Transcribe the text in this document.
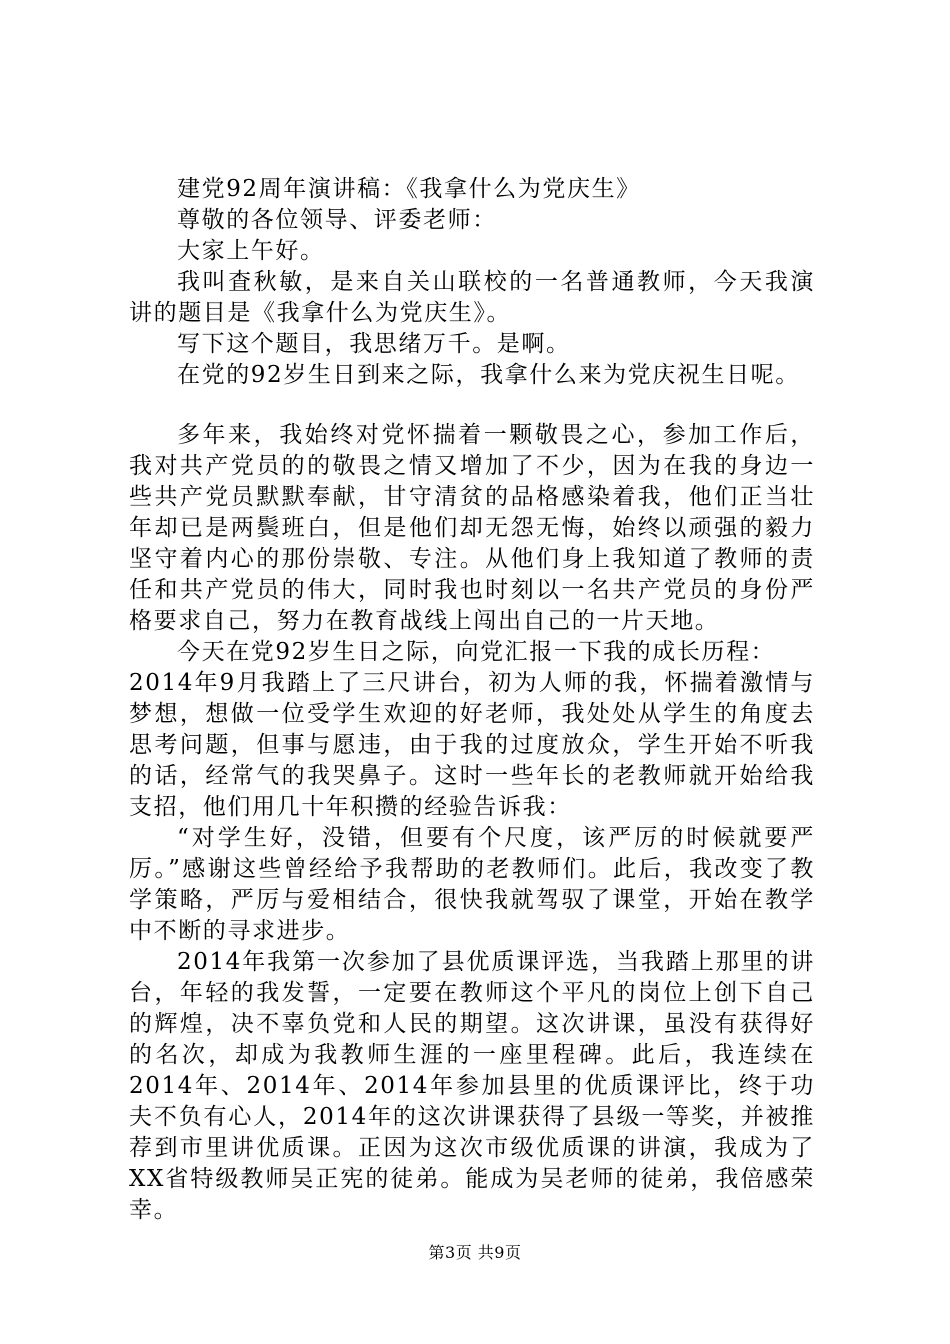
建党92周年演讲稿：《我拿什么为党庆生》

尊敬的各位领导、评委老师：

大家上午好。

我叫査秋敏，是来自关山联校的一名普通教师，今天我演讲的题目是《我拿什么为党庆生》。

写下这个题目，我思绪万千。是啊。

在党的92岁生日到来之际，我拿什么来为党庆祝生日呢。

多年来，我始终对党怀揣着一颗敬畏之心，参加工作后，我对共产党员的的敬畏之情又增加了不少，因为在我的身边一些共产党员默默奉献，甘守清贫的品格感染着我，他们正当壮年却已是两鬓班白，但是他们却无怨无悔，始终以顽强的毅力坚守着内心的那份崇敬、专注。从他们身上我知道了教师的责任和共产党员的伟大，同时我也时刻以一名共产党员的身份严格要求自己，努力在教育战线上闯出自己的一片天地。

今天在党92岁生日之际，向党汇报一下我的成长历程：

2014年9月我踏上了三尺讲台，初为人师的我，怀揣着激情与梦想，想做一位受学生欢迎的好老师，我处处从学生的角度去思考问题，但事与愿违，由于我的过度放众，学生开始不听我的话，经常气的我哭鼻子。这时一些年长的老教师就开始给我支招，他们用几十年积攒的经验告诉我：

“对学生好，没错，但要有个尺度，该严厉的时候就要严厉。”感谢这些曾经给予我帮助的老教师们。此后，我改变了教学策略，严厉与爱相结合，很快我就驾驭了课堂，开始在教学中不断的寻求进步。

2014年我第一次参加了县优质课评选，当我踏上那里的讲台，年轻的我发誓，一定要在教师这个平凡的岗位上创下自己的辉煌，决不辜负党和人民的期望。这次讲课，虽没有获得好的名次，却成为我教师生涯的一座里程碑。此后，我连续在2014年、2014年、2014年参加县里的优质课评比，终于功夫不负有心人，2014年的这次讲课获得了县级一等奖，并被推荐到市里讲优质课。正因为这次市级优质课的讲演，我成为了XX省特级教师吴正宪的徒弟。能成为吴老师的徒弟，我倍感荣幸。

第3页 共9页
